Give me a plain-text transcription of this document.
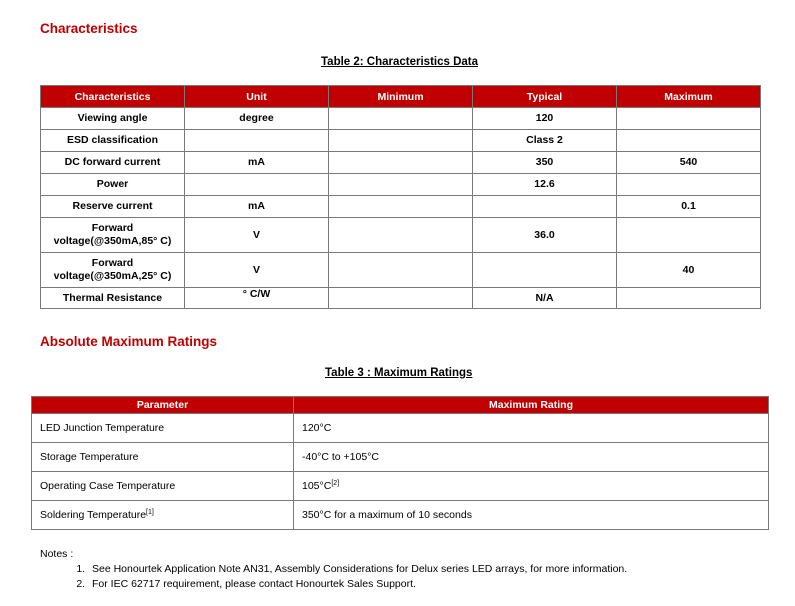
Characteristics
Table 2: Characteristics Data
Characteristics	Unit	Minimum	Typical	Maximum
Viewing angle	degree		120	
ESD classification			Class 2	
DC forward current	mA		350	540
Power			12.6	
Reserve current	mA			0.1

Forward
voltage(@350mA,85° C)	V		36.0	

Forward
voltage(@350mA,25° C)	V			40
Thermal Resistance	° C/W		N/A	
Absolute Maximum Ratings
Table 3 : Maximum Ratings
Parameter	Maximum Rating
LED Junction Temperature	120°C
Storage Temperature	-40°C to +105°C
Operating Case Temperature	105°C[2]
Soldering Temperature[1]	350°C for a maximum of 10 seconds
Notes :
1. See Honourtek Application Note AN31, Assembly Considerations for Delux series LED arrays, for more information.
2. For IEC 62717 requirement, please contact Honourtek Sales Support.
